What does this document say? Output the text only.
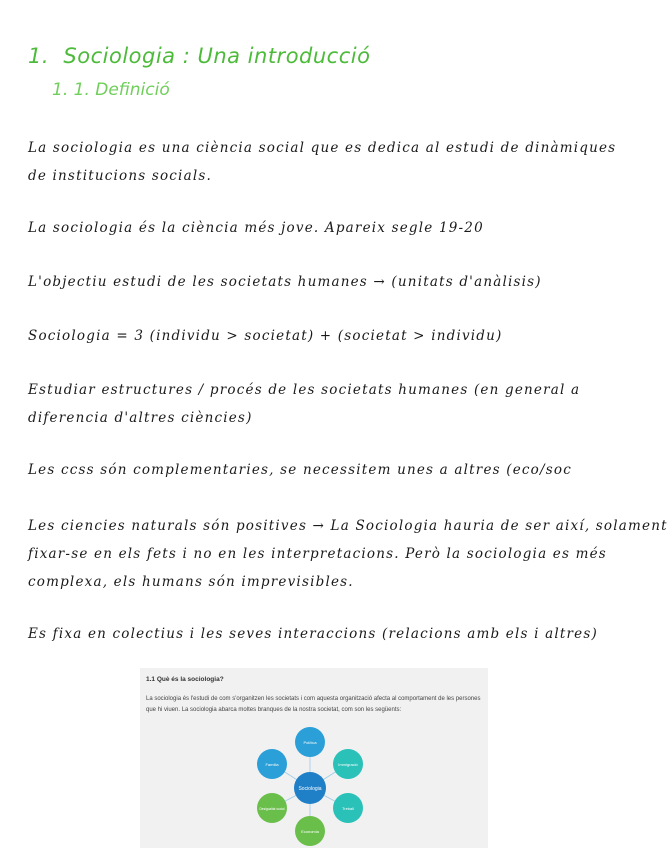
1. Sociologia : Una introducció
1. 1. Definició
La sociologia es una ciència social que es dedica al estudi de dinàmiques
de institucions socials.
La sociologia és la ciència més jove. Apareix segle 19-20
L'objectiu estudi de les societats humanes → (unitats d'anàlisis)
Sociologia = 3 (individu > societat) + (societat > individu)
Estudiar estructures / procés de les societats humanes (en general a
diferencia d'altres ciències)
Les ccss són complementaries, se necessitem unes a altres (eco/soc
Les ciencies naturals són positives → La Sociologia hauria de ser així, solament
fixar-se en els fets i no en les interpretacions. Però la sociologia es més
complexa, els humans són imprevisibles.
Es fixa en colectius i les seves interaccions (relacions amb els i altres)
1.1 Què és la sociologia?
La sociologia és l'estudi de com s'organitzen les societats i com aquesta organització afecta al comportament de les persones que hi viuen. La sociologia abarca moltes branques de la nostra societat, com son les següents:
Sociologia
Política
Immigració
Treball
Economia
Desigualtat social
Família
